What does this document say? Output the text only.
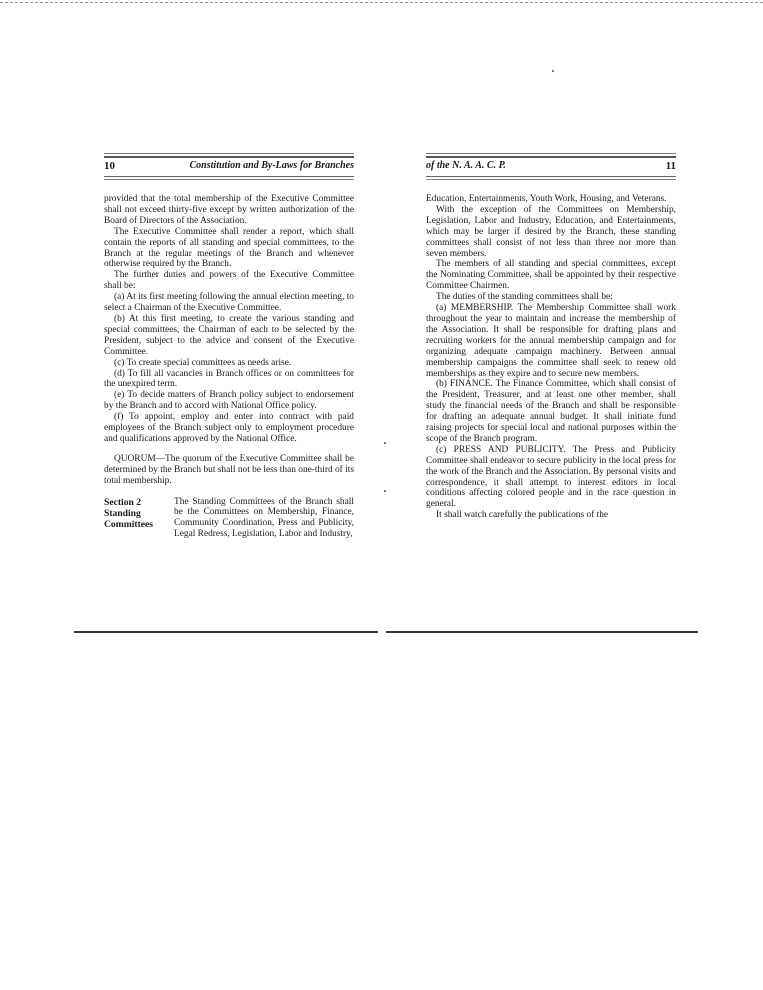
10	Constitution and By-Laws for Branches

provided that the total membership of the Executive Committee shall not exceed thirty-five except by written authorization of the Board of Directors of the Association.

The Executive Committee shall render a report, which shall contain the reports of all standing and special committees, to the Branch at the regular meetings of the Branch and whenever otherwise required by the Branch.

The further duties and powers of the Executive Committee shall be:

(a) At its first meeting following the annual election meeting, to select a Chairman of the Executive Committee.

(b) At this first meeting, to create the various standing and special committees, the Chairman of each to be selected by the President, subject to the advice and consent of the Executive Committee.

(c) To create special committees as needs arise.

(d) To fill all vacancies in Branch offices or on committees for the unexpired term.

(e) To decide matters of Branch policy subject to endorsement by the Branch and to accord with National Office policy.

(f) To appoint, employ and enter into contract with paid employees of the Branch subject only to employment procedure and qualifications approved by the National Office.

QUORUM—The quorum of the Executive Committee shall be determined by the Branch but shall not be less than one-third of its total membership.

Section 2
Standing
Committees
The Standing Committees of the Branch shall be the Committees on Membership, Finance, Community Coordination, Press and Publicity, Legal Redress, Legislation, Labor and Industry,
of the N. A. A. C. P.	11

Education, Entertainments, Youth Work, Housing, and Veterans.

With the exception of the Committees on Membership, Legislation, Labor and Industry, Education, and Entertainments, which may be larger if desired by the Branch, these standing committees shall consist of not less than three nor more than seven members.

The members of all standing and special committees, except the Nominating Committee, shall be appointed by their respective Committee Chairmen.

The duties of the standing committees shall be:

(a) MEMBERSHIP. The Membership Committee shall work throughout the year to maintain and increase the membership of the Association. It shall be responsible for drafting plans and recruiting workers for the annual membership campaign and for organizing adequate campaign machinery. Between annual membership campaigns the committee shall seek to renew old memberships as they expire and to secure new members.

(b) FINANCE. The Finance Committee, which shall consist of the President, Treasurer, and at least one other member, shall study the financial needs of the Branch and shall be responsible for drafting an adequate annual budget. It shall initiate fund raising projects for special local and national purposes within the scope of the Branch program.

(c) PRESS AND PUBLICITY. The Press and Publicity Committee shall endeavor to secure publicity in the local press for the work of the Branch and the Association. By personal visits and correspondence, it shall attempt to interest editors in local conditions affecting colored people and in the race question in general.

It shall watch carefully the publications of the
